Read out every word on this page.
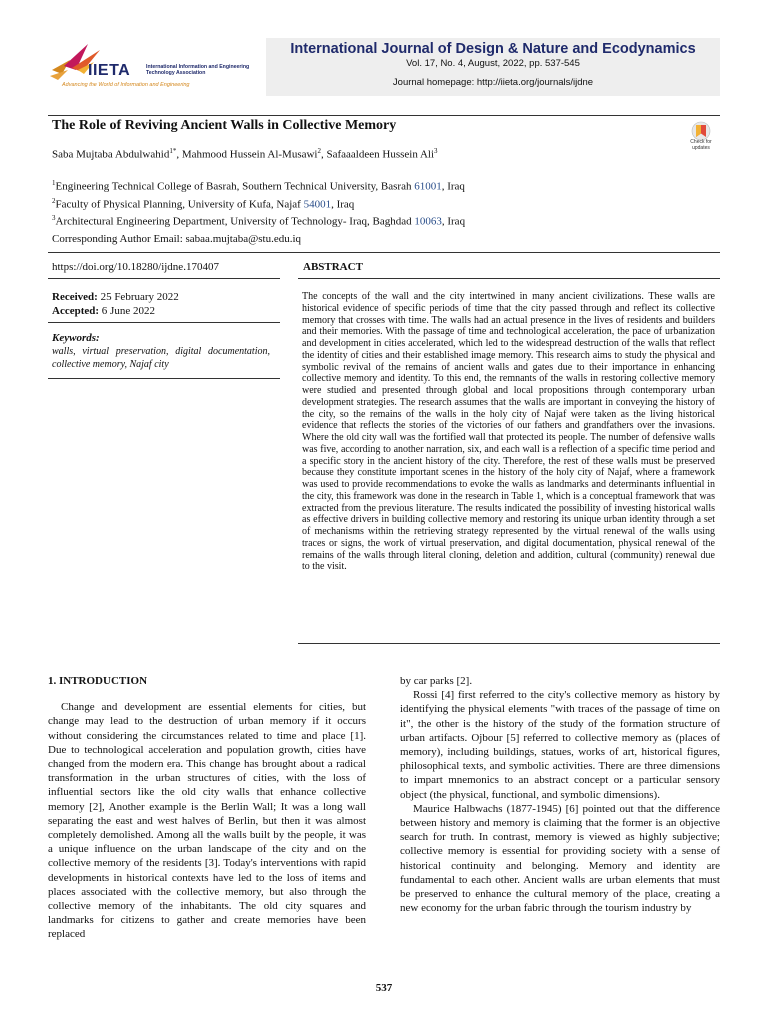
IIETA	International Information and Engineering Technology Association
Advancing the World of Information and Engineering
International Journal of Design & Nature and Ecodynamics
Vol. 17, No. 4, August, 2022, pp. 537-545
Journal homepage: http://iieta.org/journals/ijdne
The Role of Reviving Ancient Walls in Collective Memory
Check for updates
Saba Mujtaba Abdulwahid$^{1*}$, Mahmood Hussein Al-Musawi$^2$, Safaaaldeen Hussein Ali$^3$
$^1$Engineering Technical College of Basrah, Southern Technical University, Basrah 61001, Iraq
$^2$Faculty of Physical Planning, University of Kufa, Najaf 54001, Iraq
$^3$Architectural Engineering Department, University of Technology- Iraq, Baghdad 10063, Iraq
Corresponding Author Email: sabaa.mujtaba@stu.edu.iq
https://doi.org/10.18280/ijdne.170407
Received: 25 February 2022
Accepted: 6 June 2022
Keywords:
walls, virtual preservation, digital documentation, collective memory, Najaf city
ABSTRACT
The concepts of the wall and the city intertwined in many ancient civilizations. These walls are historical evidence of specific periods of time that the city passed through and reflect its collective memory that crosses with time. The walls had an actual presence in the lives of residents and builders and their memories. With the passage of time and technological acceleration, the pace of urbanization and development in cities accelerated, which led to the widespread destruction of the walls that reflect the identity of cities and their established image memory. This research aims to study the physical and symbolic revival of the remains of ancient walls and gates due to their importance in enhancing collective memory and identity. To this end, the remnants of the walls in restoring collective memory were studied and presented through global and local propositions through contemporary urban development strategies. The research assumes that the walls are important in conveying the history of the city, so the remains of the walls in the holy city of Najaf were taken as the living historical evidence that reflects the stories of the victories of our fathers and grandfathers over the invasions. Where the old city wall was the fortified wall that protected its people. The number of defensive walls was five, according to another narration, six, and each wall is a reflection of a specific time period and a specific story in the ancient history of the city. Therefore, the rest of these walls must be preserved because they constitute important scenes in the history of the holy city of Najaf, where a framework was used to provide recommendations to evoke the walls as landmarks and determinants influential in the city, this framework was done in the research in Table 1, which is a conceptual framework that was extracted from the previous literature. The results indicated the possibility of investing historical walls as effective drivers in building collective memory and restoring its unique urban identity through a set of mechanisms within the retrieving strategy represented by the virtual renewal of the walls using traces or signs, the work of virtual preservation, and digital documentation, physical renewal of the remains of the walls through literal cloning, deletion and addition, cultural (community) renewal due to the visit.
1. INTRODUCTION

Change and development are essential elements for cities, but change may lead to the destruction of urban memory if it occurs without considering the circumstances related to time and place [1]. Due to technological acceleration and population growth, cities have changed from the modern era. This change has brought about a radical transformation in the urban structures of cities, with the loss of influential sectors like the old city walls that enhance collective memory [2], Another example is the Berlin Wall; It was a long wall separating the east and west halves of Berlin, but then it was almost completely demolished. Among all the walls built by the people, it was a unique influence on the urban landscape of the city and on the collective memory of the residents [3]. Today's interventions with rapid developments in historical contexts have led to the loss of items and places associated with the collective memory, but also through the collective memory of the inhabitants. The old city squares and landmarks for citizens to gather and create memories have been replaced

by car parks [2].

Rossi [4] first referred to the city's collective memory as history by identifying the physical elements "with traces of the passage of time on it", the other is the history of the study of the formation structure of urban artifacts. Ojbour [5] referred to collective memory as (places of memory), including buildings, statues, works of art, historical figures, philosophical texts, and symbolic activities. There are three dimensions to impart mnemonics to an abstract concept or a particular sensory object (the physical, functional, and symbolic dimensions).

Maurice Halbwachs (1877-1945) [6] pointed out that the difference between history and memory is claiming that the former is an objective search for truth. In contrast, memory is viewed as highly subjective; collective memory is essential for providing society with a sense of historical continuity and belonging. Memory and identity are fundamental to each other. Ancient walls are urban elements that must be preserved to enhance the cultural memory of the place, creating a new economy for the urban fabric through the tourism industry by

537
